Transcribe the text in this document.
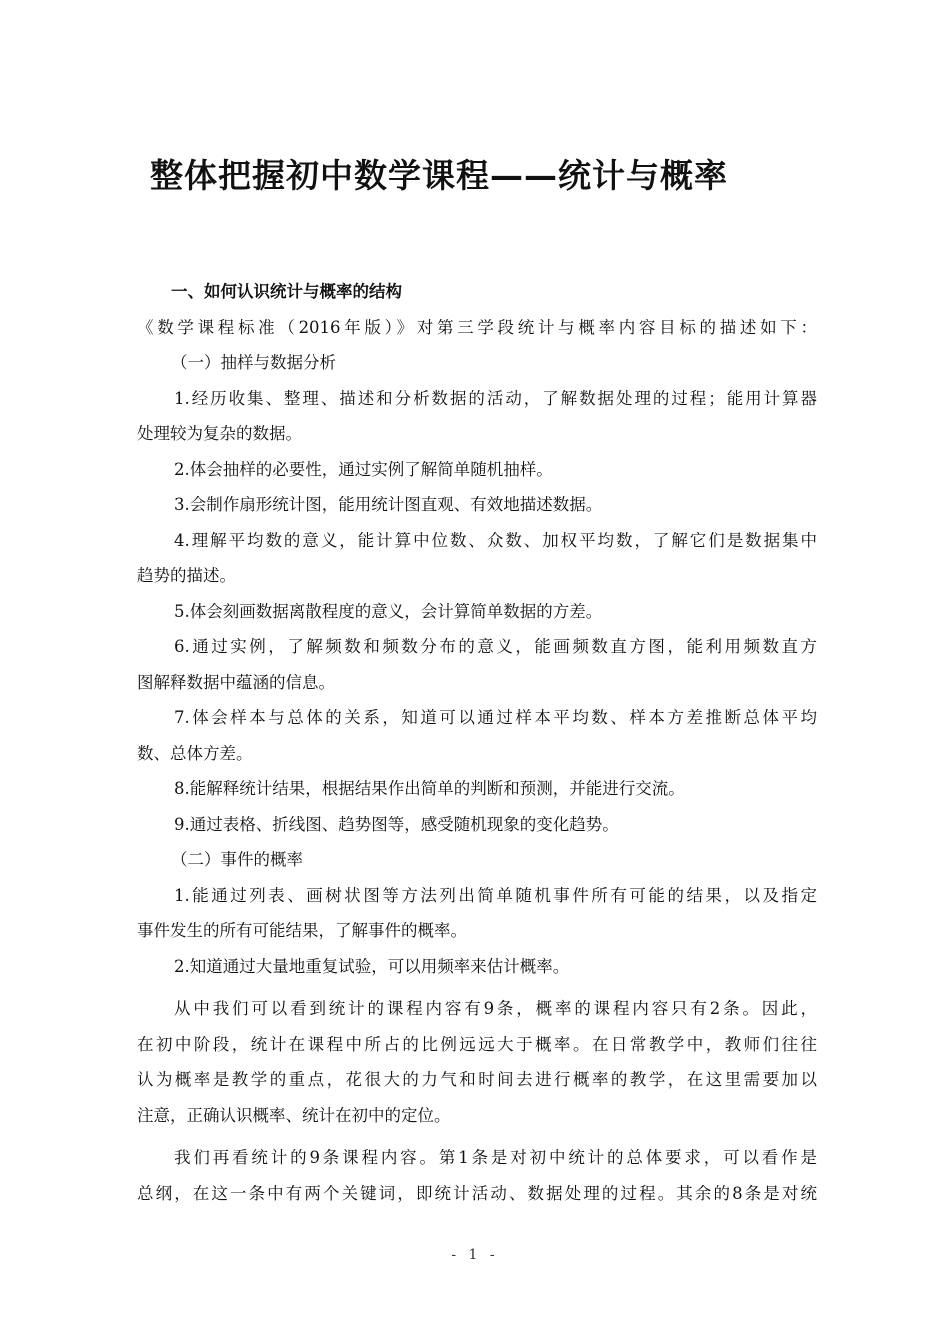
整体把握初中数学课程——统计与概率

一、如何认识统计与概率的结构

《数学课程标准（2016年版）》对第三学段统计与概率内容目标的描述如下：

（一）抽样与数据分析

1.经历收集、整理、描述和分析数据的活动，了解数据处理的过程；能用计算器

处理较为复杂的数据。

2.体会抽样的必要性，通过实例了解简单随机抽样。

3.会制作扇形统计图，能用统计图直观、有效地描述数据。

4.理解平均数的意义，能计算中位数、众数、加权平均数，了解它们是数据集中

趋势的描述。

5.体会刻画数据离散程度的意义，会计算简单数据的方差。

6.通过实例，了解频数和频数分布的意义，能画频数直方图，能利用频数直方

图解释数据中蕴涵的信息。

7.体会样本与总体的关系，知道可以通过样本平均数、样本方差推断总体平均

数、总体方差。

8.能解释统计结果，根据结果作出简单的判断和预测，并能进行交流。

9.通过表格、折线图、趋势图等，感受随机现象的变化趋势。

（二）事件的概率

1.能通过列表、画树状图等方法列出简单随机事件所有可能的结果，以及指定

事件发生的所有可能结果，了解事件的概率。

2.知道通过大量地重复试验，可以用频率来估计概率。

从中我们可以看到统计的课程内容有9条，概率的课程内容只有2条。因此，

在初中阶段，统计在课程中所占的比例远远大于概率。在日常教学中，教师们往往

认为概率是教学的重点，花很大的力气和时间去进行概率的教学，在这里需要加以

注意，正确认识概率、统计在初中的定位。

我们再看统计的9条课程内容。第1条是对初中统计的总体要求，可以看作是

总纲，在这一条中有两个关键词，即统计活动、数据处理的过程。其余的8条是对统

- 1 -
